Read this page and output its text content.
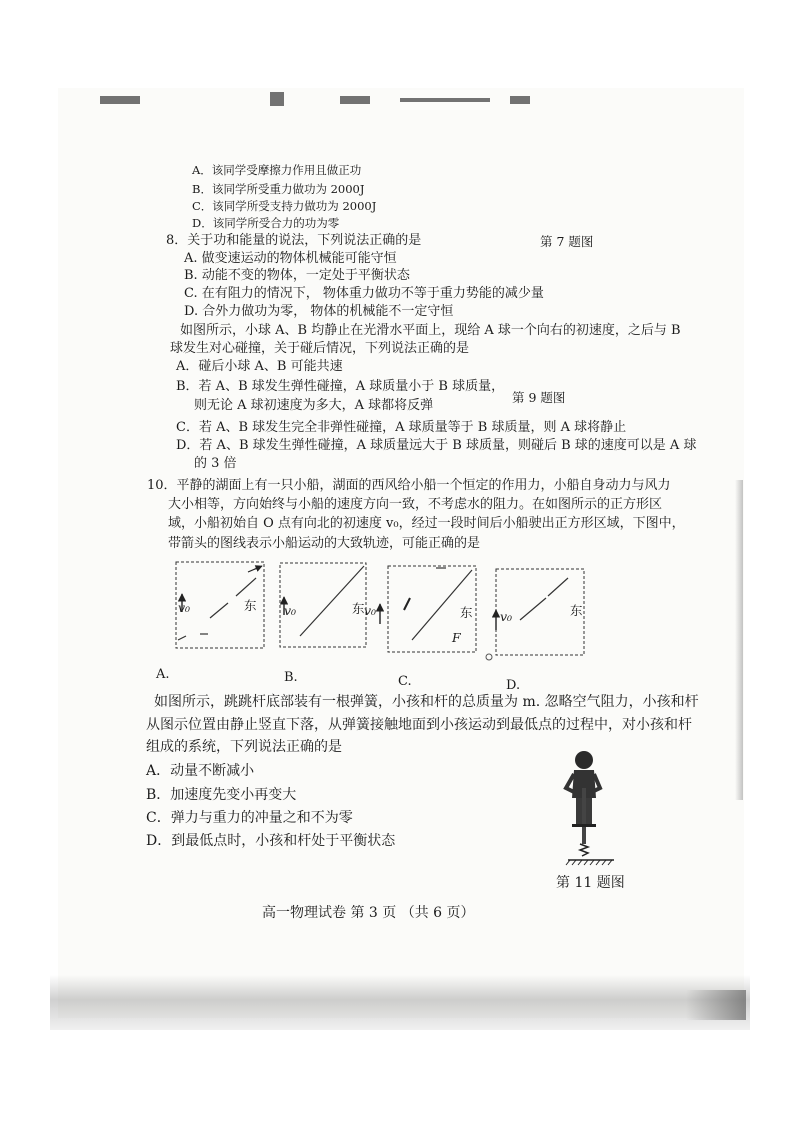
A．该同学受摩擦力作用且做正功
B．该同学所受重力做功为 2000J
C．该同学所受支持力做功为 2000J
D．该同学所受合力的功为零
第 7 题图
8．关于功和能量的说法，下列说法正确的是
A. 做变速运动的物体机械能可能守恒
B. 动能不变的物体，一定处于平衡状态
C. 在有阻力的情况下， 物体重力做功不等于重力势能的减少量
D. 合外力做功为零， 物体的机械能不一定守恒
如图所示，小球 A、B 均静止在光滑水平面上，现给 A 球一个向右的初速度，之后与 B
球发生对心碰撞，关于碰后情况，下列说法正确的是
A．碰后小球 A、B 可能共速
B．若 A、B 球发生弹性碰撞，A 球质量小于 B 球质量，
则无论 A 球初速度为多大，A 球都将反弹
第 9 题图
C．若 A、B 球发生完全非弹性碰撞，A 球质量等于 B 球质量，则 A 球将静止
D．若 A、B 球发生弹性碰撞，A 球质量远大于 B 球质量，则碰后 B 球的速度可以是 A 球
的 3 倍
10．平静的湖面上有一只小船，湖面的西风给小船一个恒定的作用力，小船自身动力与风力
大小相等，方向始终与小船的速度方向一致，不考虑水的阻力。在如图所示的正方形区
域，小船初始自 O 点有向北的初速度 v₀，经过一段时间后小船驶出正方形区域，下图中，
带箭头的图线表示小船运动的大致轨迹，可能正确的是
v₀	东 v₀	东 v₀	东
F
v₀	东
A.	B.	C.	D.
如图所示，跳跳杆底部装有一根弹簧，小孩和杆的总质量为 m. 忽略空气阻力，小孩和杆
从图示位置由静止竖直下落，从弹簧接触地面到小孩运动到最低点的过程中，对小孩和杆
组成的系统，下列说法正确的是
A．动量不断减小
B．加速度先变小再变大
C．弹力与重力的冲量之和不为零
D．到最低点时，小孩和杆处于平衡状态
第 11 题图
高一物理试卷 第 3 页 （共 6 页）
